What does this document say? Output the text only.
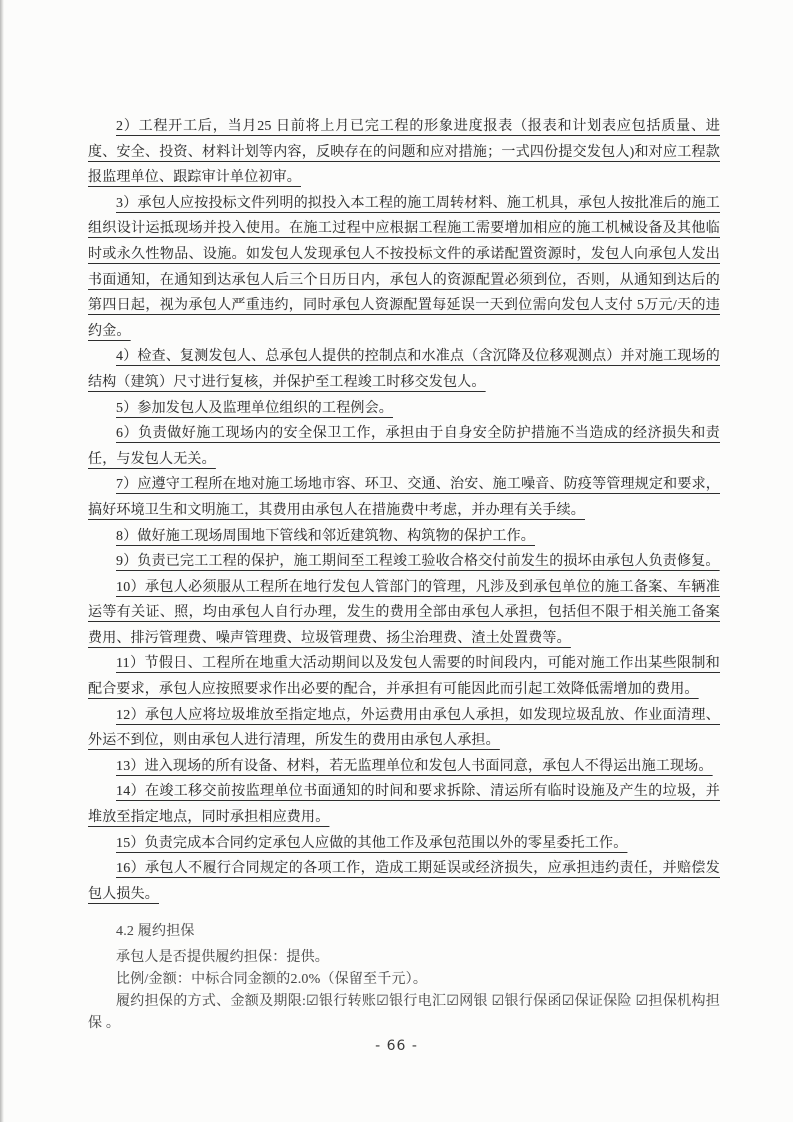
2）工程开工后，当月25 日前将上月已完工程的形象进度报表（报表和计划表应包括质量、进度、安全、投资、材料计划等内容，反映存在的问题和应对措施；一式四份提交发包人)和对应工程款报监理单位、跟踪审计单位初审。

3）承包人应按投标文件列明的拟投入本工程的施工周转材料、施工机具，承包人按批准后的施工组织设计运抵现场并投入使用。在施工过程中应根据工程施工需要增加相应的施工机械设备及其他临时或永久性物品、设施。如发包人发现承包人不按投标文件的承诺配置资源时，发包人向承包人发出书面通知，在通知到达承包人后三个日历日内，承包人的资源配置必须到位，否则，从通知到达后的第四日起，视为承包人严重违约，同时承包人资源配置每延误一天到位需向发包人支付 5万元/天的违约金。

4）检查、复测发包人、总承包人提供的控制点和水准点（含沉降及位移观测点）并对施工现场的结构（建筑）尺寸进行复核，并保护至工程竣工时移交发包人。

5）参加发包人及监理单位组织的工程例会。

6）负责做好施工现场内的安全保卫工作，承担由于自身安全防护措施不当造成的经济损失和责任，与发包人无关。

7）应遵守工程所在地对施工场地市容、环卫、交通、治安、施工噪音、防疫等管理规定和要求，搞好环境卫生和文明施工，其费用由承包人在措施费中考虑，并办理有关手续。

8）做好施工现场周围地下管线和邻近建筑物、构筑物的保护工作。

9）负责已完工工程的保护，施工期间至工程竣工验收合格交付前发生的损坏由承包人负责修复。

10）承包人必须服从工程所在地行发包人管部门的管理，凡涉及到承包单位的施工备案、车辆准运等有关证、照，均由承包人自行办理，发生的费用全部由承包人承担，包括但不限于相关施工备案费用、排污管理费、噪声管理费、垃圾管理费、扬尘治理费、渣土处置费等。

11）节假日、工程所在地重大活动期间以及发包人需要的时间段内，可能对施工作出某些限制和配合要求，承包人应按照要求作出必要的配合，并承担有可能因此而引起工效降低需增加的费用。

12）承包人应将垃圾堆放至指定地点，外运费用由承包人承担，如发现垃圾乱放、作业面清理、外运不到位，则由承包人进行清理，所发生的费用由承包人承担。

13）进入现场的所有设备、材料，若无监理单位和发包人书面同意，承包人不得运出施工现场。

14）在竣工移交前按监理单位书面通知的时间和要求拆除、清运所有临时设施及产生的垃圾，并堆放至指定地点，同时承担相应费用。

15）负责完成本合同约定承包人应做的其他工作及承包范围以外的零星委托工作。

16）承包人不履行合同规定的各项工作，造成工期延误或经济损失，应承担违约责任，并赔偿发包人损失。

4.2 履约担保

承包人是否提供履约担保：提供。

比例/金额：中标合同金额的2.0%（保留至千元）。

履约担保的方式、金额及期限:☑银行转账☑银行电汇☑网银 ☑银行保函☑保证保险 ☑担保机构担保 。

- 66 -
